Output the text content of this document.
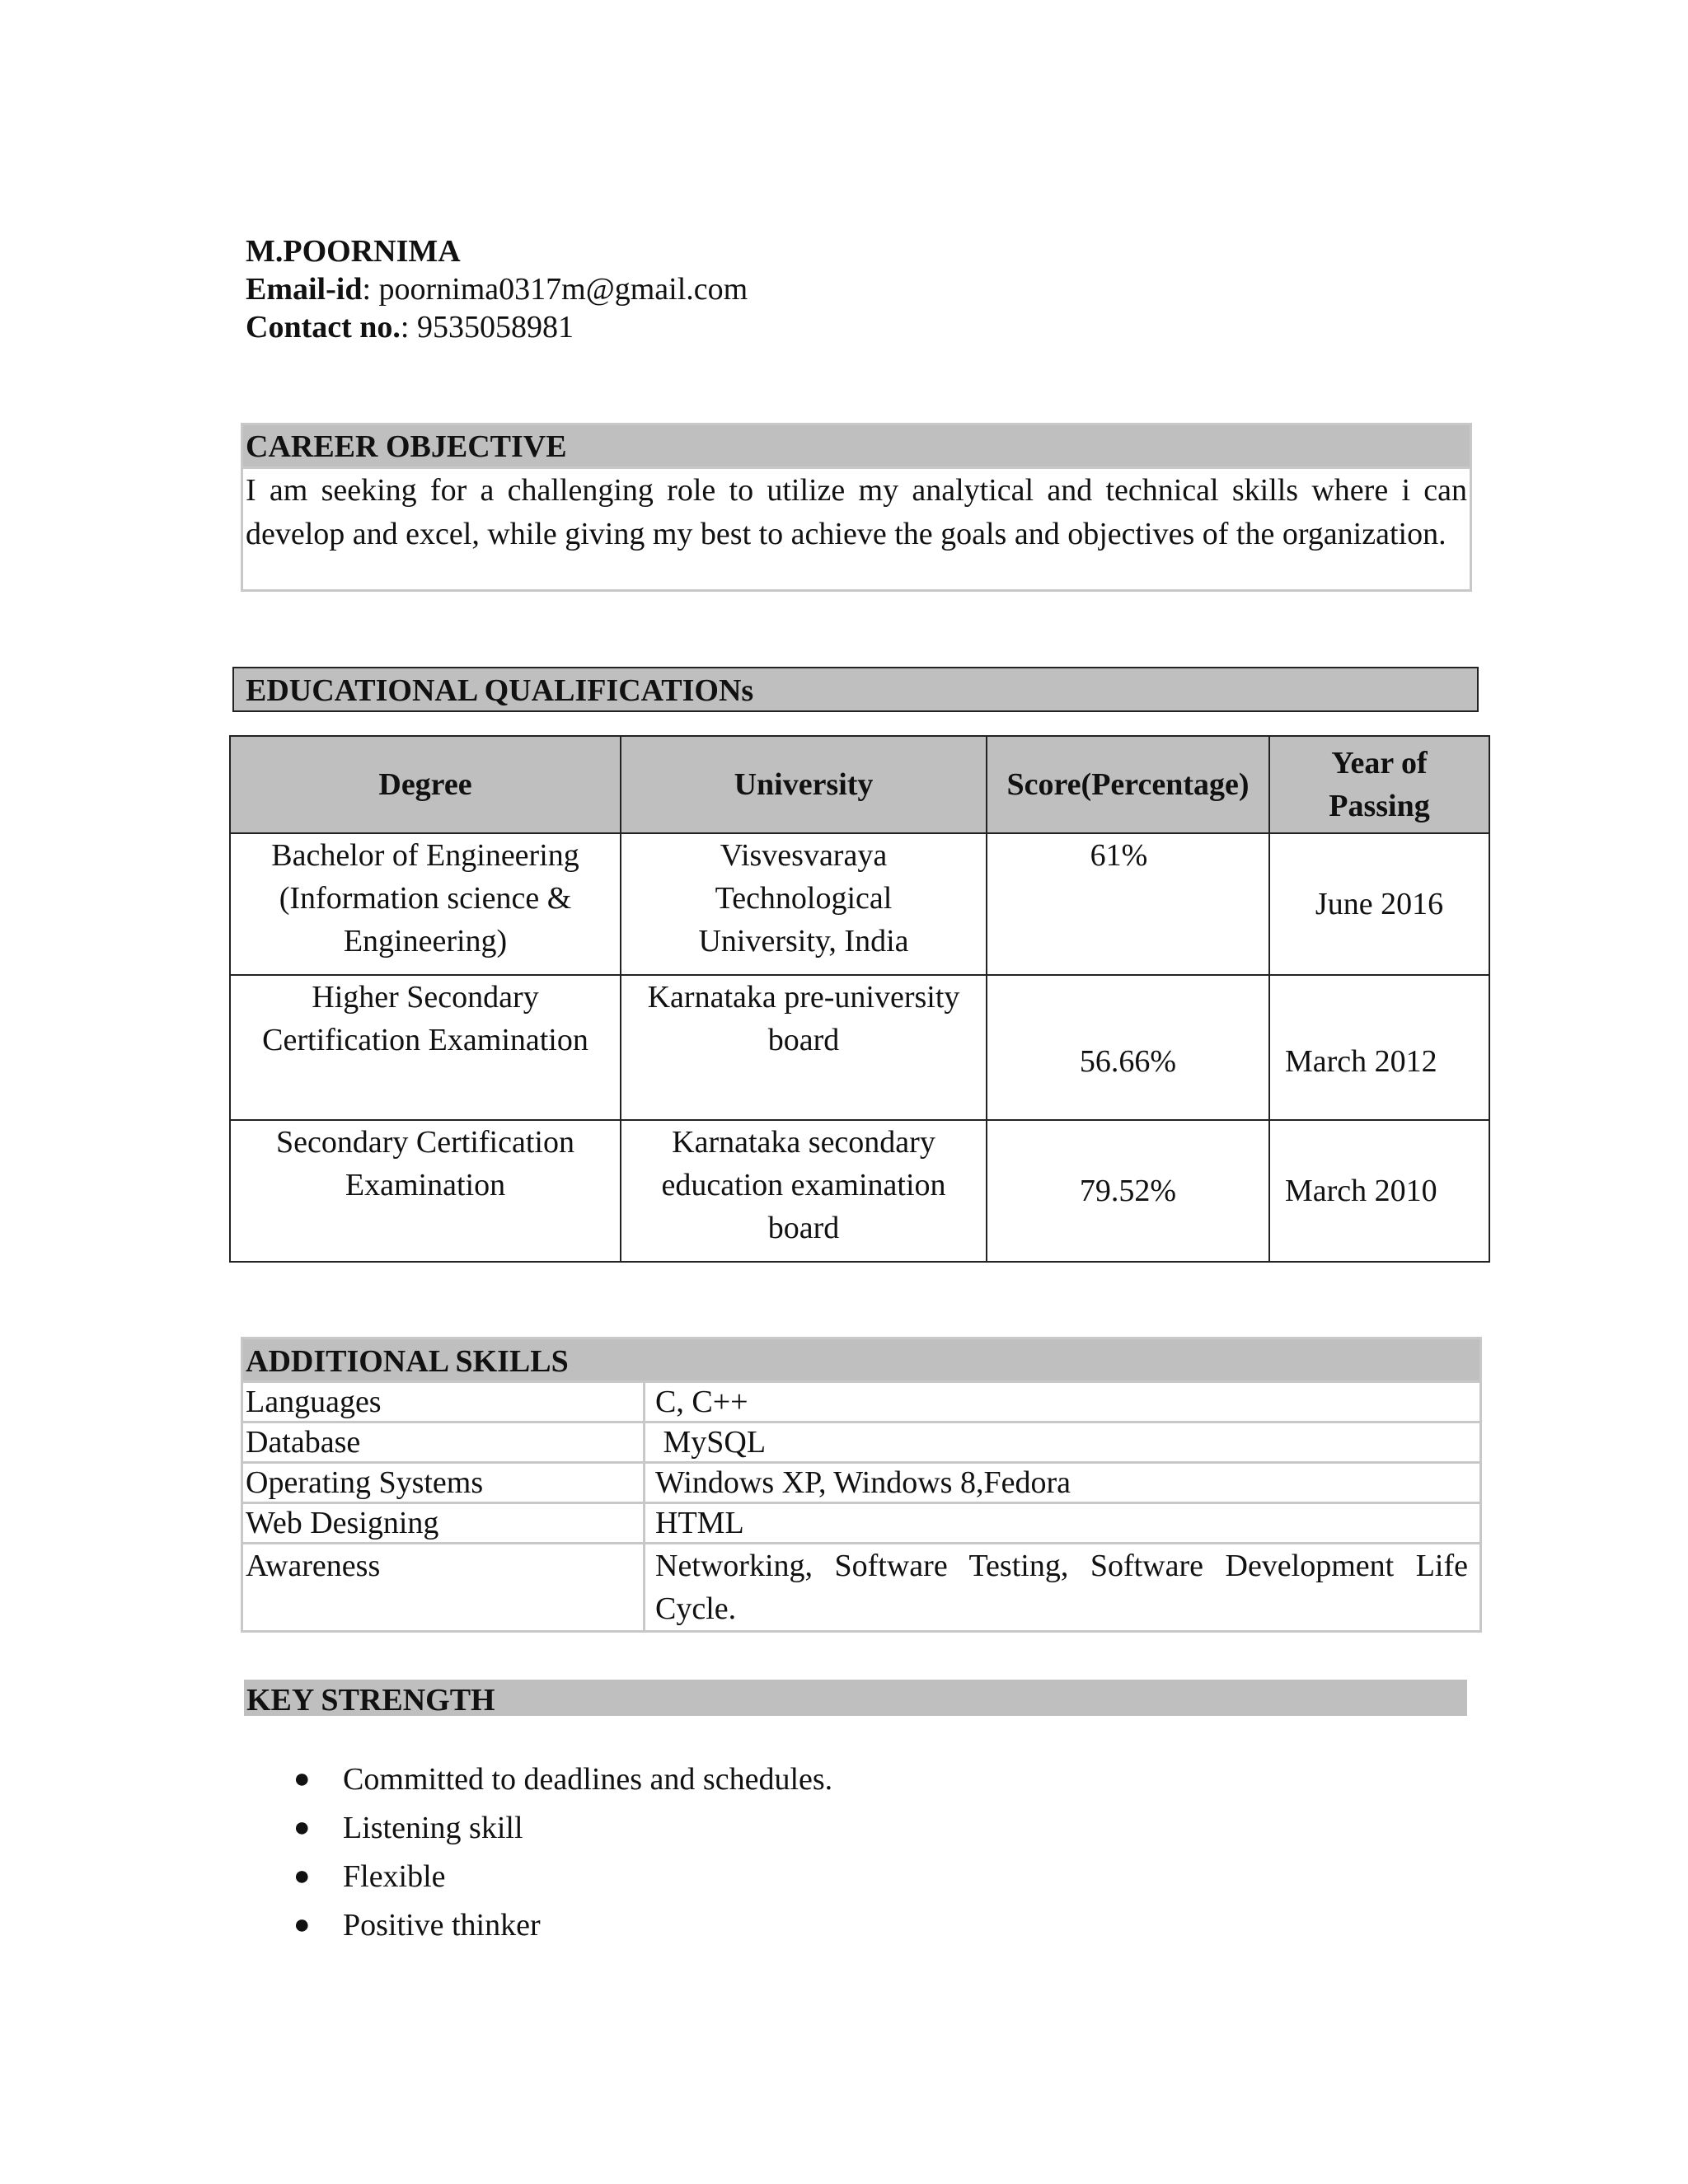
M.POORNIMA
Email-id: poornima0317m@gmail.com
Contact no.: 9535058981
CAREER OBJECTIVE
I am seeking for a challenging role to utilize my analytical and technical skills where i can develop and excel, while giving my best to achieve the goals and objectives of the organization.
EDUCATIONAL QUALIFICATIONs
Degree	University	Score(Percentage)	Year of Passing

Bachelor of Engineering (Information science & Engineering)	Visvesvaraya Technological University, India	61%	June 2016

Higher Secondary Certification Examination	Karnataka pre-university board	56.66%	March 2012

Secondary Certification Examination	Karnataka secondary education examination board	79.52%	March 2010
ADDITIONAL SKILLS
Languages	C, C++
Database	MySQL
Operating Systems	Windows XP, Windows 8,Fedora
Web Designing	HTML
Awareness	Networking, Software Testing, Software Development Life Cycle.
KEY STRENGTH
●	Committed to deadlines and schedules.
●	Listening skill
●	Flexible
●	Positive thinker
